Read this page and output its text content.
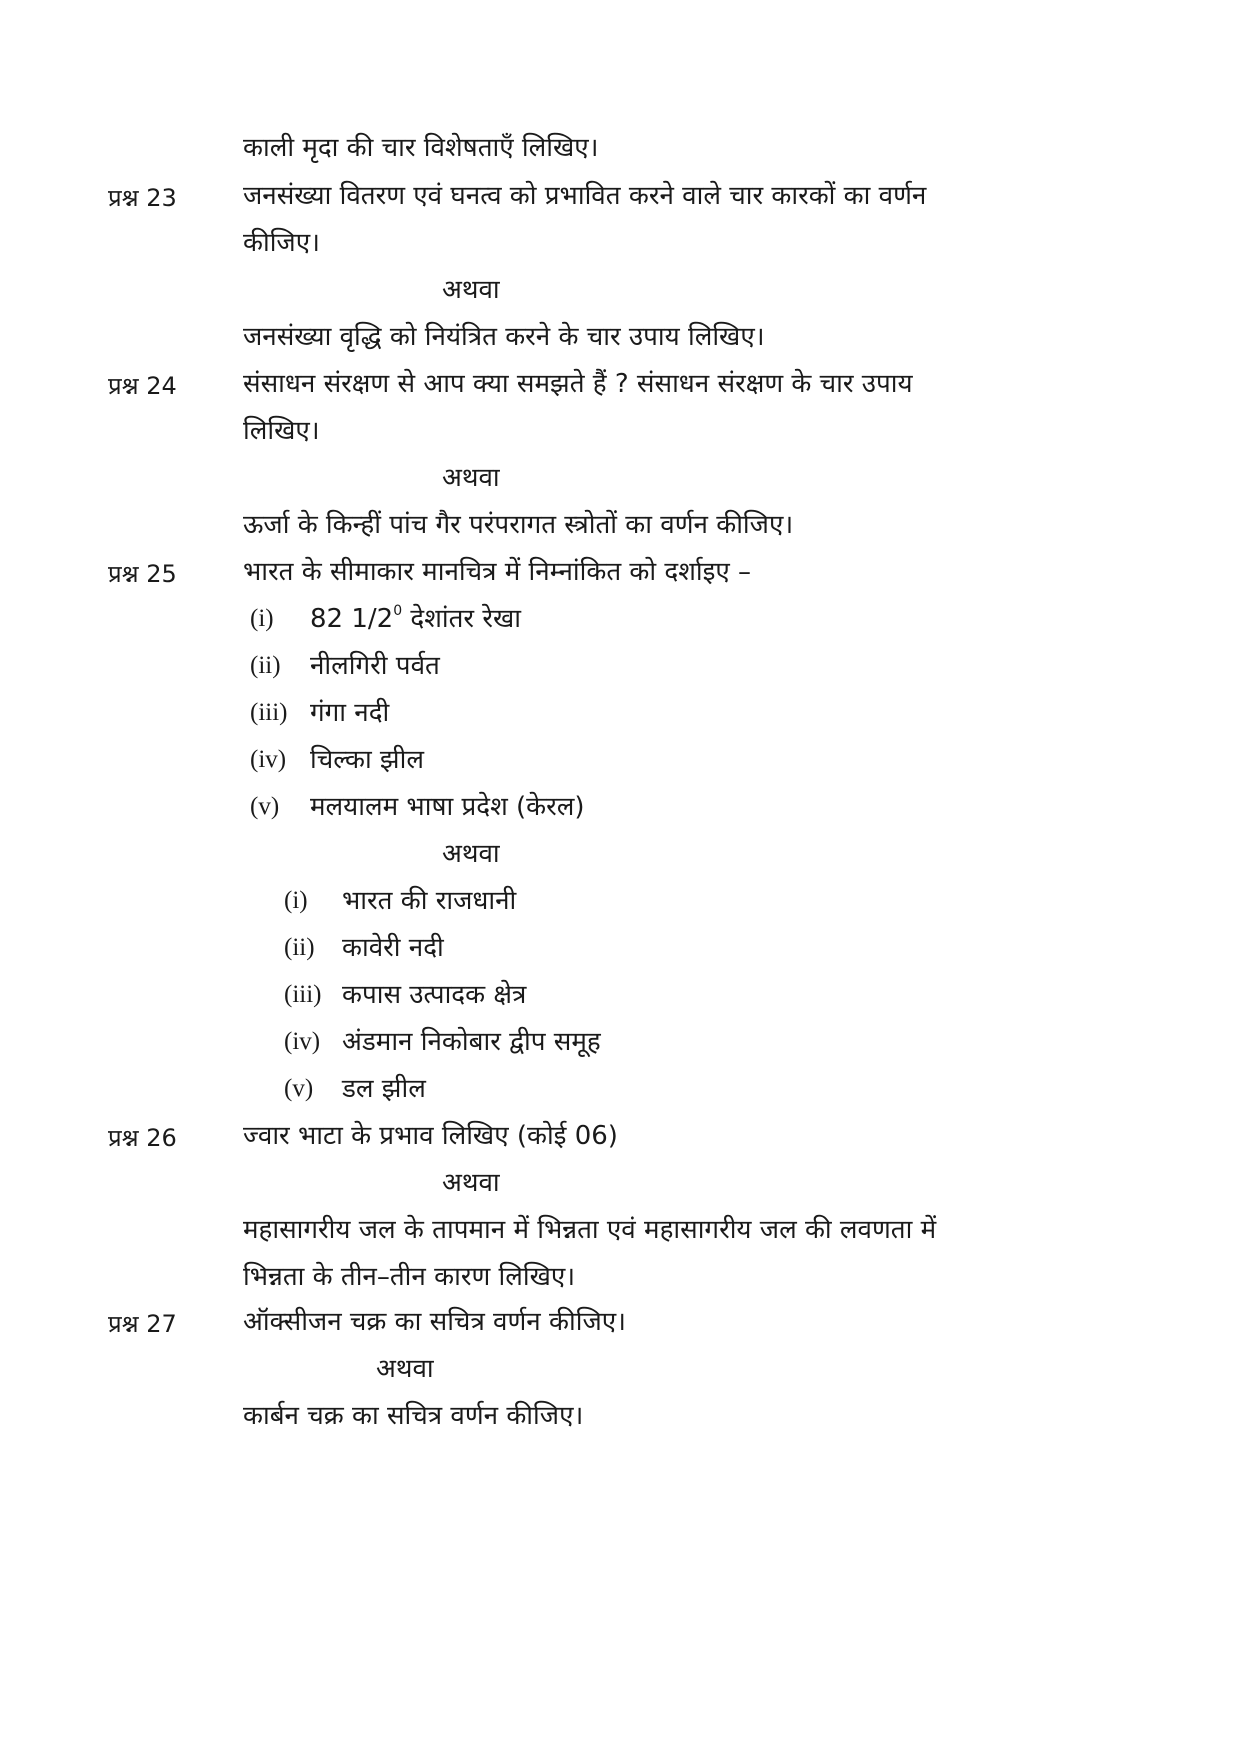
काली मृदा की चार विशेषताएँ लिखिए।
प्रश्न 23	जनसंख्या वितरण एवं घनत्व को प्रभावित करने वाले चार कारकों का वर्णन
कीजिए।
अथवा
जनसंख्या वृद्धि को नियंत्रित करने के चार उपाय लिखिए।
प्रश्न 24	संसाधन संरक्षण से आप क्या समझते हैं ? संसाधन संरक्षण के चार उपाय
लिखिए।
अथवा
ऊर्जा के किन्हीं पांच गैर परंपरागत स्त्रोतों का वर्णन कीजिए।
प्रश्न 25	भारत के सीमाकार मानचित्र में निम्नांकित को दर्शाइए –
(i) 82 $1/2^0$ देशांतर रेखा
(ii) नीलगिरी पर्वत
(iii) गंगा नदी
(iv) चिल्का झील
(v) मलयालम भाषा प्रदेश (केरल)
अथवा
(i) भारत की राजधानी
(ii) कावेरी नदी
(iii) कपास उत्पादक क्षेत्र
(iv) अंडमान निकोबार द्वीप समूह
(v) डल झील
प्रश्न 26	ज्वार भाटा के प्रभाव लिखिए (कोई 06)
अथवा
महासागरीय जल के तापमान में भिन्नता एवं महासागरीय जल की लवणता में
भिन्नता के तीन–तीन कारण लिखिए।
प्रश्न 27	ऑक्सीजन चक्र का सचित्र वर्णन कीजिए।
अथवा
कार्बन चक्र का सचित्र वर्णन कीजिए।
